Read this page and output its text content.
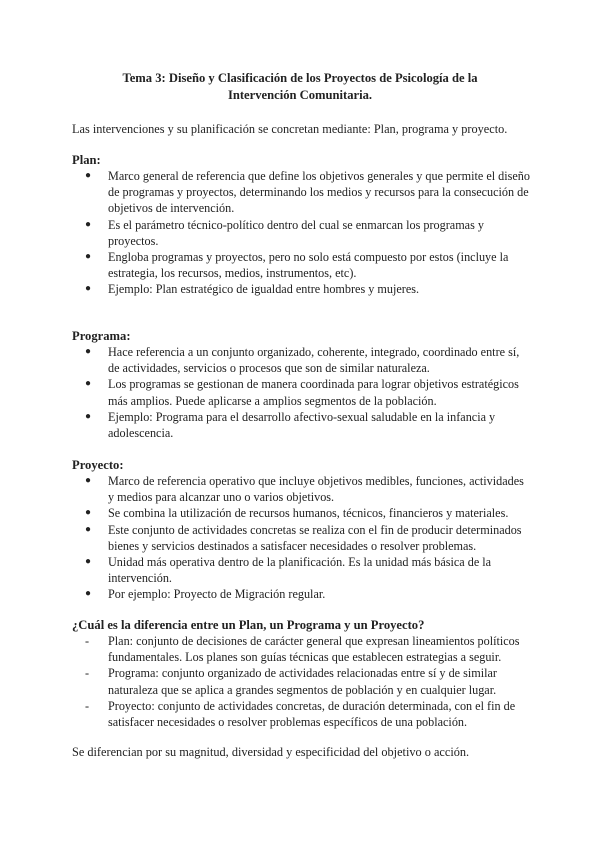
Tema 3: Diseño y Clasificación de los Proyectos de Psicología de la Intervención Comunitaria.
Las intervenciones y su planificación se concretan mediante: Plan, programa y proyecto.
Plan:
●	Marco general de referencia que define los objetivos generales y que permite el diseño de programas y proyectos, determinando los medios y recursos para la consecución de objetivos de intervención.
●	Es el parámetro técnico-político dentro del cual se enmarcan los programas y proyectos.
●	Engloba programas y proyectos, pero no solo está compuesto por estos (incluye la estrategia, los recursos, medios, instrumentos, etc).
●	Ejemplo: Plan estratégico de igualdad entre hombres y mujeres.
Programa:
●	Hace referencia a un conjunto organizado, coherente, integrado, coordinado entre sí, de actividades, servicios o procesos que son de similar naturaleza.
●	Los programas se gestionan de manera coordinada para lograr objetivos estratégicos más amplios. Puede aplicarse a amplios segmentos de la población.
●	Ejemplo: Programa para el desarrollo afectivo-sexual saludable en la infancia y adolescencia.
Proyecto:
●	Marco de referencia operativo que incluye objetivos medibles, funciones, actividades y medios para alcanzar uno o varios objetivos.
●	Se combina la utilización de recursos humanos, técnicos, financieros y materiales.
●	Este conjunto de actividades concretas se realiza con el fin de producir determinados bienes y servicios destinados a satisfacer necesidades o resolver problemas.
●	Unidad más operativa dentro de la planificación. Es la unidad más básica de la intervención.
●	Por ejemplo: Proyecto de Migración regular.
¿Cuál es la diferencia entre un Plan, un Programa y un Proyecto?
-	Plan: conjunto de decisiones de carácter general que expresan lineamientos políticos fundamentales. Los planes son guías técnicas que establecen estrategias a seguir.
-	Programa: conjunto organizado de actividades relacionadas entre sí y de similar naturaleza que se aplica a grandes segmentos de población y en cualquier lugar.
-	Proyecto: conjunto de actividades concretas, de duración determinada, con el fin de satisfacer necesidades o resolver problemas específicos de una población.
Se diferencian por su magnitud, diversidad y especificidad del objetivo o acción.
